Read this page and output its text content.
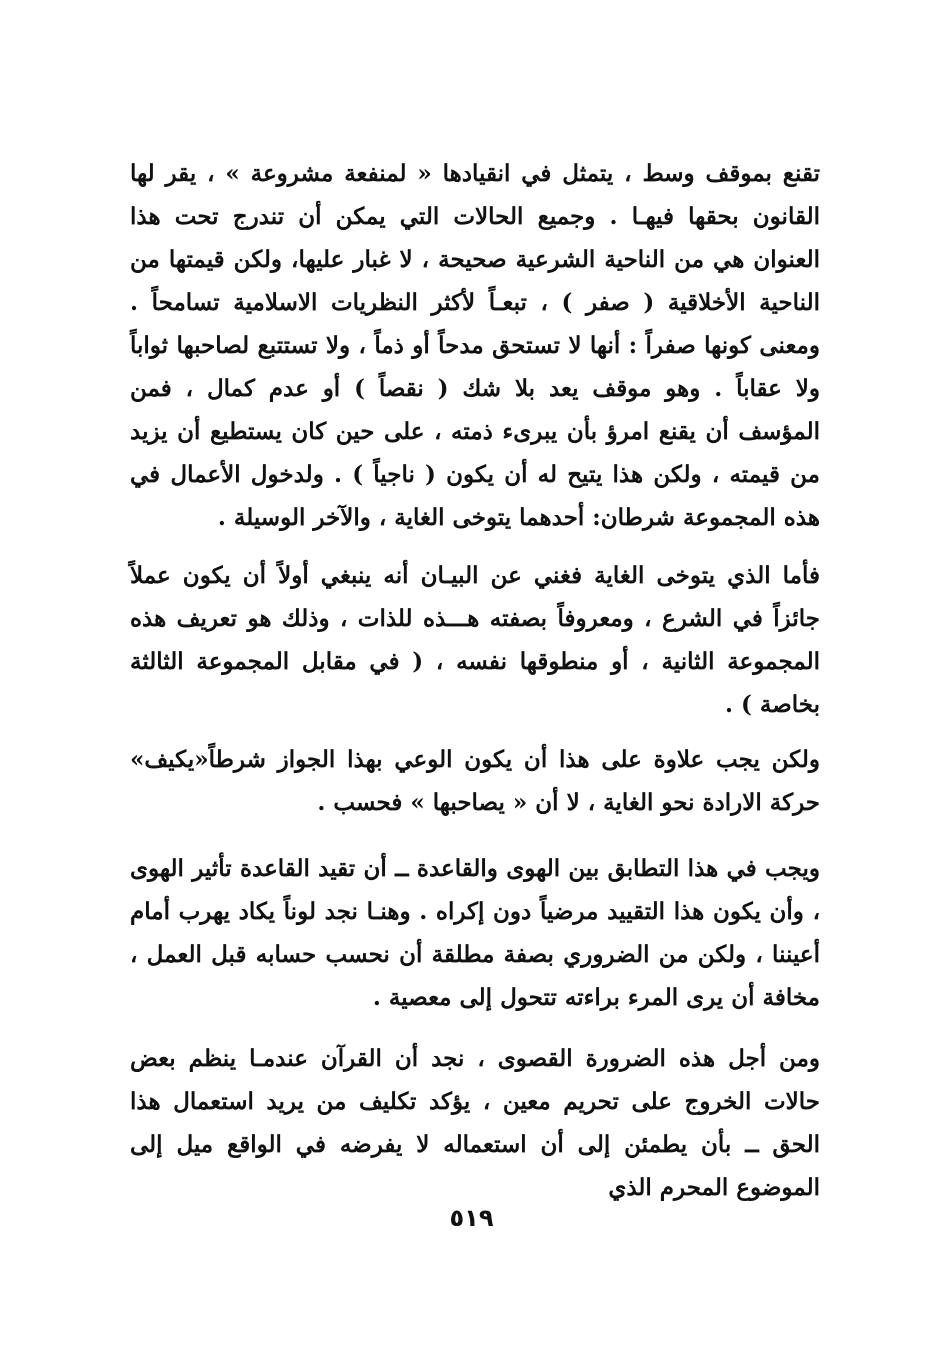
تقنع بموقف وسط ، يتمثل في انقيادها « لمنفعة مشروعة » ، يقر لها القانون بحقها فيهـا . وجميع الحالات التي يمكن أن تندرج تحت هذا العنوان هي من الناحية الشرعية صحيحة ، لا غبار عليها، ولكن قيمتها من الناحية الأخلاقية ( صفر ) ، تبعـاً لأكثر النظريات الاسلامية تسامحاً . ومعنى كونها صفراً : أنها لا تستحق مدحاً أو ذماً ، ولا تستتبع لصاحبها ثواباً ولا عقاباً . وهو موقف يعد بلا شك ( نقصاً ) أو عدم كمال ، فمن المؤسف أن يقنع امرؤ بأن يبرىء ذمته ، على حين كان يستطيع أن يزيد من قيمته ، ولكن هذا يتيح له أن يكون ( ناجياً ) . ولدخول الأعمال في هذه المجموعة شرطان: أحدهما يتوخى الغاية ، والآخر الوسيلة .

فأما الذي يتوخى الغاية فغني عن البيـان أنه ينبغي أولاً أن يكون عملاً جائزاً في الشرع ، ومعروفاً بصفته هـــذه للذات ، وذلك هو تعريف هذه المجموعة الثانية ، أو منطوقها نفسه ، ( في مقابل المجموعة الثالثة بخاصة ) .

ولكن يجب علاوة على هذا أن يكون الوعي بهذا الجواز شرطاً«يكيف» حركة الارادة نحو الغاية ، لا أن « يصاحبها » فحسب .

ويجب في هذا التطابق بين الهوى والقاعدة ــ أن تقيد القاعدة تأثير الهوى ، وأن يكون هذا التقييد مرضياً دون إكراه . وهنـا نجد لوناً يكاد يهرب أمام أعيننا ، ولكن من الضروري بصفة مطلقة أن نحسب حسابه قبل العمل ، مخافة أن يرى المرء براءته تتحول إلى معصية .

ومن أجل هذه الضرورة القصوى ، نجد أن القرآن عندمـا ينظم بعض حالات الخروج على تحريم معين ، يؤكد تكليف من يريد استعمال هذا الحق ــ بأن يطمئن إلى أن استعماله لا يفرضه في الواقع ميل إلى الموضوع المحرم الذي

٥١٩
